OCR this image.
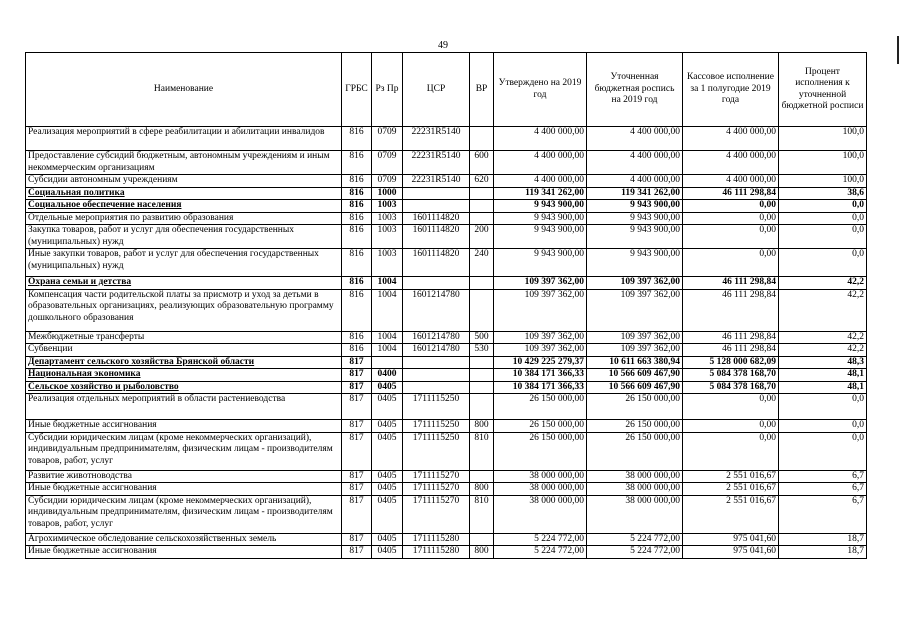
49
Наименование	ГРБС	Рз Пр	ЦСР	ВР	Утверждено на 2019 год	Уточненная бюджетная роспись на 2019 год	Кассовое исполнение за 1 полугодие 2019 года	Процент исполнения к уточненной бюджетной росписи
Реализация мероприятий в сфере реабилитации и абилитации инвалидов	816	0709	22231R5140		4 400 000,00	4 400 000,00	4 400 000,00	100,0
Предоставление субсидий бюджетным, автономным учреждениям и иным некоммерческим организациям	816	0709	22231R5140	600	4 400 000,00	4 400 000,00	4 400 000,00	100,0
Субсидии автономным учреждениям	816	0709	22231R5140	620	4 400 000,00	4 400 000,00	4 400 000,00	100,0
Социальная политика	816	1000			119 341 262,00	119 341 262,00	46 111 298,84	38,6
Социальное обеспечение населения	816	1003			9 943 900,00	9 943 900,00	0,00	0,0
Отдельные мероприятия по развитию образования	816	1003	1601114820		9 943 900,00	9 943 900,00	0,00	0,0
Закупка товаров, работ и услуг для обеспечения государственных (муниципальных) нужд	816	1003	1601114820	200	9 943 900,00	9 943 900,00	0,00	0,0
Иные закупки товаров, работ и услуг для обеспечения государственных (муниципальных) нужд	816	1003	1601114820	240	9 943 900,00	9 943 900,00	0,00	0,0
Охрана семьи и детства	816	1004			109 397 362,00	109 397 362,00	46 111 298,84	42,2
Компенсация части родительской платы за присмотр и уход за детьми в образовательных организациях, реализующих образовательную программу дошкольного образования	816	1004	1601214780		109 397 362,00	109 397 362,00	46 111 298,84	42,2
Межбюджетные трансферты	816	1004	1601214780	500	109 397 362,00	109 397 362,00	46 111 298,84	42,2
Субвенции	816	1004	1601214780	530	109 397 362,00	109 397 362,00	46 111 298,84	42,2
Департамент сельского хозяйства Брянской области	817				10 429 225 279,37	10 611 663 380,94	5 128 000 682,09	48,3
Национальная экономика	817	0400			10 384 171 366,33	10 566 609 467,90	5 084 378 168,70	48,1
Сельское хозяйство и рыболовство	817	0405			10 384 171 366,33	10 566 609 467,90	5 084 378 168,70	48,1
Реализация отдельных мероприятий в области растениеводства	817	0405	1711115250		26 150 000,00	26 150 000,00	0,00	0,0
Иные бюджетные ассигнования	817	0405	1711115250	800	26 150 000,00	26 150 000,00	0,00	0,0
Субсидии юридическим лицам (кроме некоммерческих организаций), индивидуальным предпринимателям, физическим лицам - производителям товаров, работ, услуг	817	0405	1711115250	810	26 150 000,00	26 150 000,00	0,00	0,0
Развитие животноводства	817	0405	1711115270		38 000 000,00	38 000 000,00	2 551 016,67	6,7
Иные бюджетные ассигнования	817	0405	1711115270	800	38 000 000,00	38 000 000,00	2 551 016,67	6,7
Субсидии юридическим лицам (кроме некоммерческих организаций), индивидуальным предпринимателям, физическим лицам - производителям товаров, работ, услуг	817	0405	1711115270	810	38 000 000,00	38 000 000,00	2 551 016,67	6,7
Агрохимическое обследование сельскохозяйственных земель	817	0405	1711115280		5 224 772,00	5 224 772,00	975 041,60	18,7
Иные бюджетные ассигнования	817	0405	1711115280	800	5 224 772,00	5 224 772,00	975 041,60	18,7
